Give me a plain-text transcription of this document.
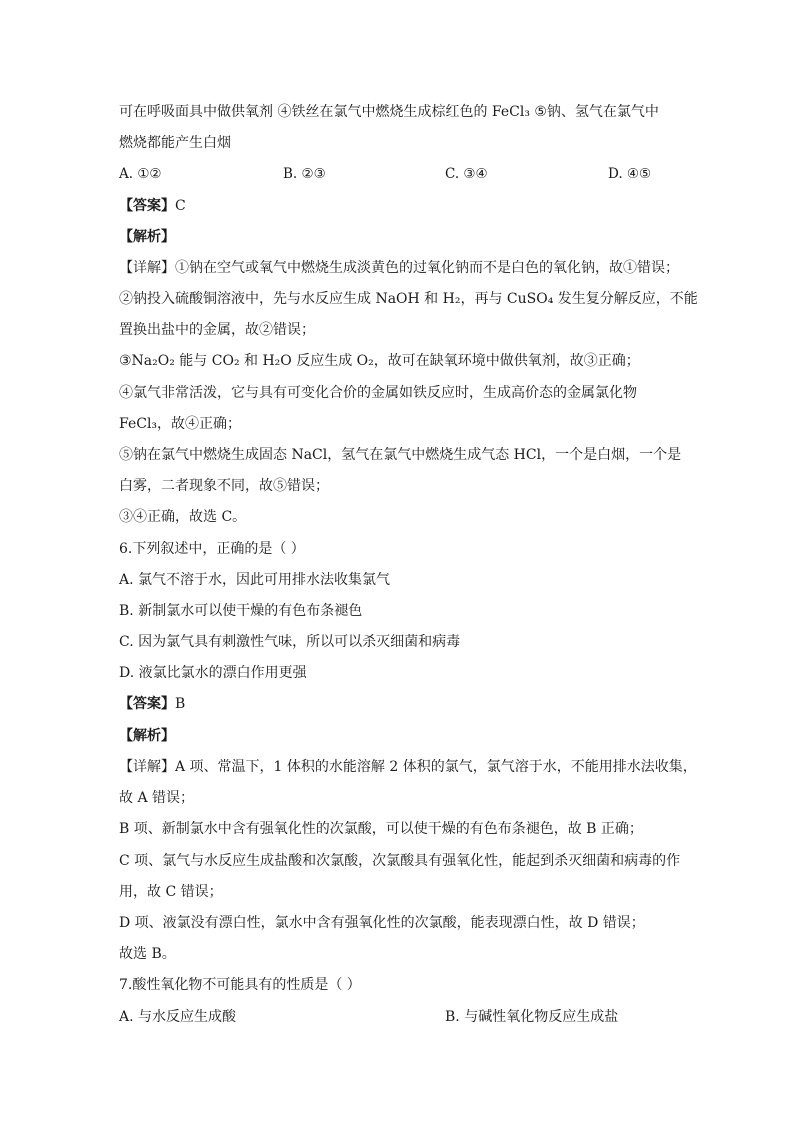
可在呼吸面具中做供氧剂 ④铁丝在氯气中燃烧生成棕红色的 FeCl₃ ⑤钠、氢气在氯气中
燃烧都能产生白烟
A. ①②	B. ②③	C. ③④	D. ④⑤
【答案】C
【解析】
【详解】①钠在空气或氧气中燃烧生成淡黄色的过氧化钠而不是白色的氧化钠，故①错误；
②钠投入硫酸铜溶液中，先与水反应生成 NaOH 和 H₂，再与 CuSO₄ 发生复分解反应，不能
置换出盐中的金属，故②错误；
③Na₂O₂ 能与 CO₂ 和 H₂O 反应生成 O₂，故可在缺氧环境中做供氧剂，故③正确；
④氯气非常活泼，它与具有可变化合价的金属如铁反应时，生成高价态的金属氯化物
FeCl₃，故④正确；
⑤钠在氯气中燃烧生成固态 NaCl，氢气在氯气中燃烧生成气态 HCl，一个是白烟，一个是
白雾，二者现象不同，故⑤错误；
③④正确，故选 C。
6.下列叙述中，正确的是（ ）
A. 氯气不溶于水，因此可用排水法收集氯气
B. 新制氯水可以使干燥的有色布条褪色
C. 因为氯气具有刺激性气味，所以可以杀灭细菌和病毒
D. 液氯比氯水的漂白作用更强
【答案】B
【解析】
【详解】A 项、常温下，1 体积的水能溶解 2 体积的氯气，氯气溶于水，不能用排水法收集，
故 A 错误；
B 项、新制氯水中含有强氧化性的次氯酸，可以使干燥的有色布条褪色，故 B 正确；
C 项、氯气与水反应生成盐酸和次氯酸，次氯酸具有强氧化性，能起到杀灭细菌和病毒的作
用，故 C 错误；
D 项、液氯没有漂白性，氯水中含有强氧化性的次氯酸，能表现漂白性，故 D 错误；
故选 B。
7.酸性氧化物不可能具有的性质是（ ）
A. 与水反应生成酸	B. 与碱性氧化物反应生成盐
